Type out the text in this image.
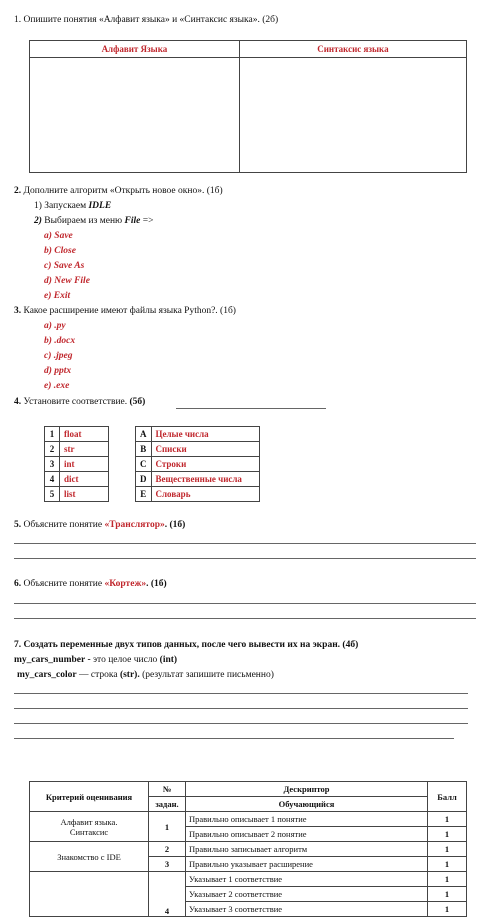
1. Опишите понятия «Алфавит языка» и «Синтаксис языка». (2б)
Алфавит Языка	Синтаксис языка

2. Дополните алгоритм «Открыть новое окно». (1б)
1) Запускаем IDLE
2) Выбираем из меню File =>
a) Save
b) Close
c) Save As
d) New File
e) Exit
3. Какое расширение имеют файлы языка Python?. (1б)
a) .py
b) .docx
c) .jpeg
d) pptx
e) .exe
4. Установите соответствие. (5б)
1	float		A	Целые числа
2	str		B	Списки
3	int		C	Строки
4	dict		D	Вещественные числа
5	list		E	Словарь
5. Объясните понятие «Транслятор». (1б)
6. Объясните понятие «Кортеж». (1б)
7. Создать переменные двух типов данных, после чего вывести их на экран. (4б)
my_cars_number - это целое число (int)
my_cars_color — строка (str). (результат запишите письменно)
Критерий оценивания	№	Дескриптор	Балл
	задан.	Обучающийся	
Алфавит языка.
Синтаксис	1	Правильно описывает 1 понятие	1
		Правильно описывает 2 понятие	1
Знакомство с IDE	2	Правильно записывает алгоритм	1
	3	Правильно указывает расширение	1
	4	Указывает 1 соответствие	1
		Указывает 2 соответствие	1
		Указывает 3 соответствие	1
